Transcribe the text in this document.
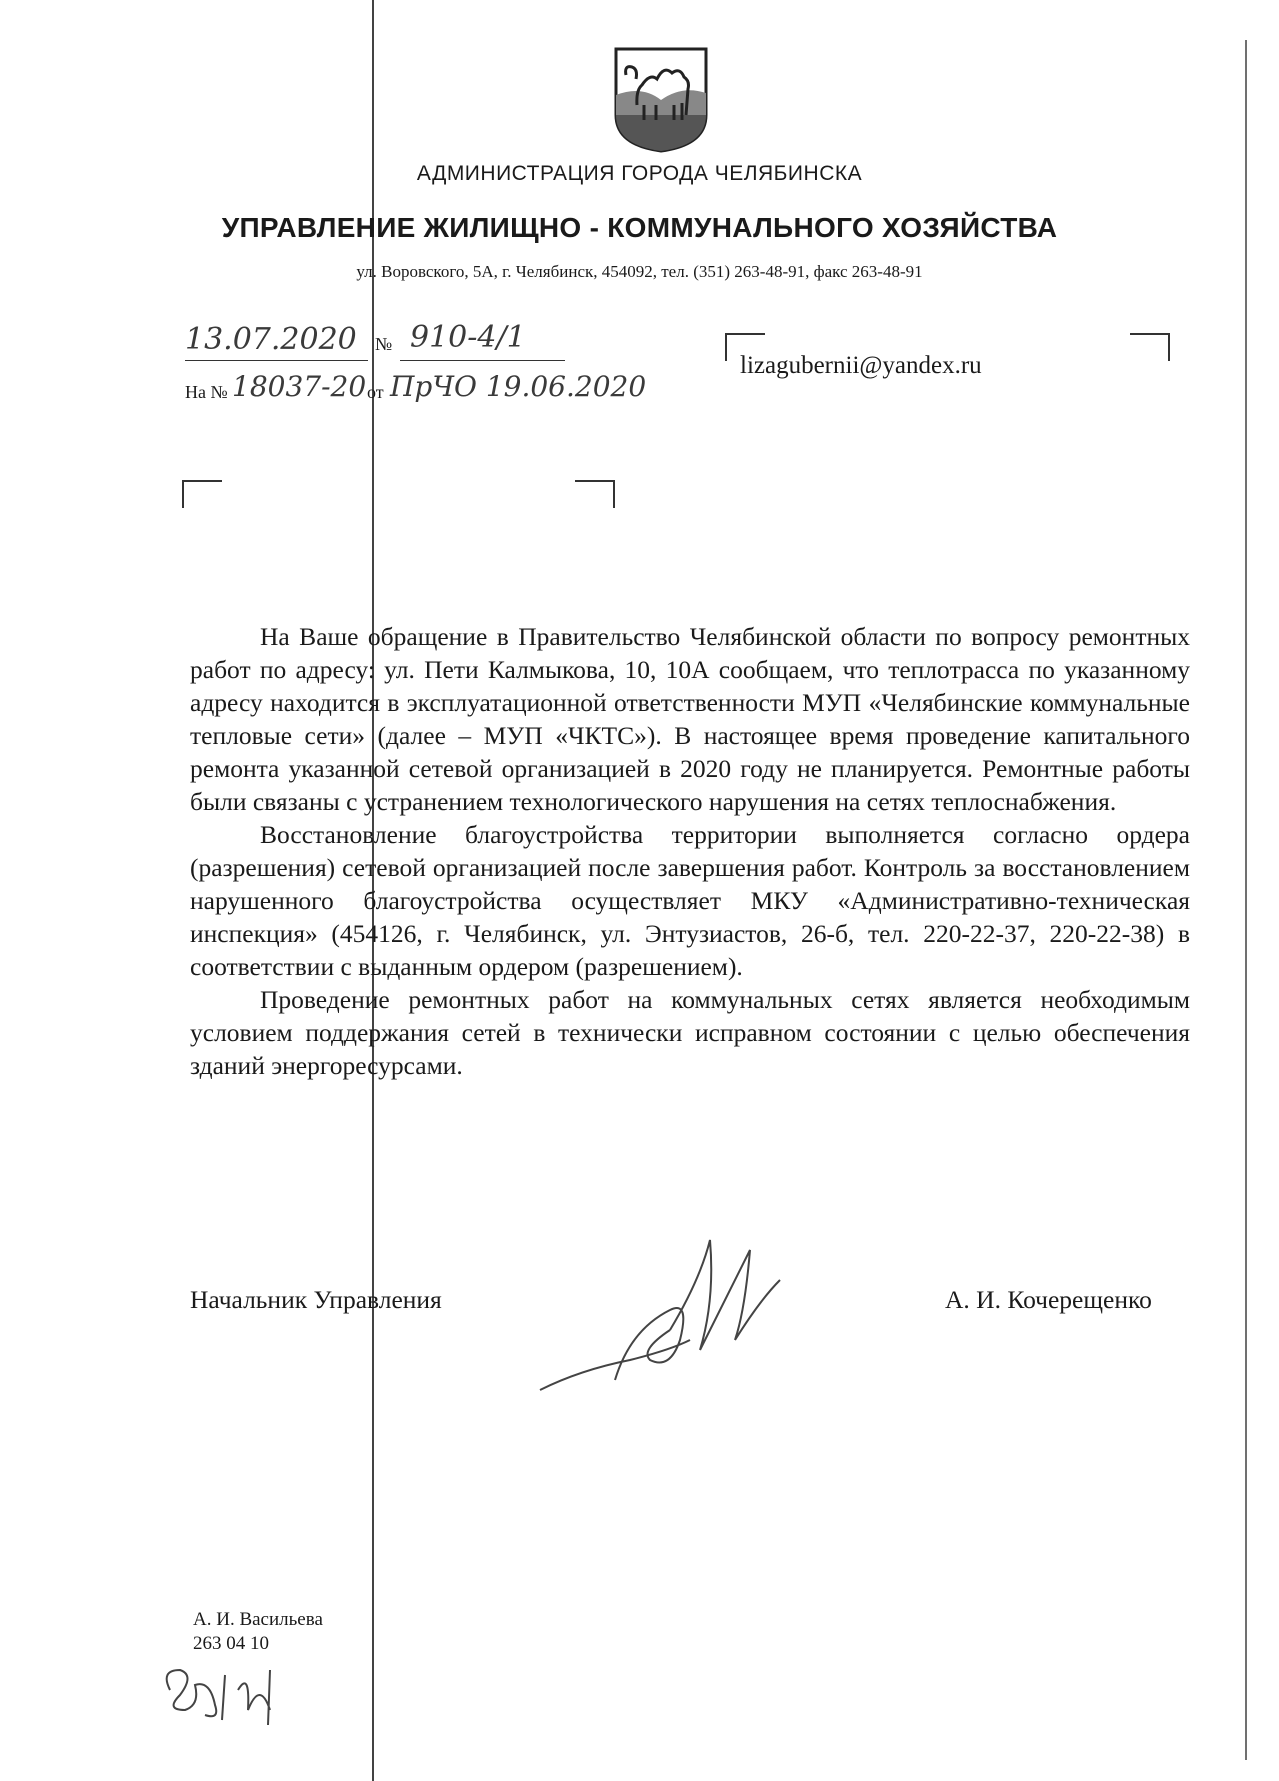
АДМИНИСТРАЦИЯ ГОРОДА ЧЕЛЯБИНСКА
УПРАВЛЕНИЕ ЖИЛИЩНО - КОММУНАЛЬНОГО ХОЗЯЙСТВА
ул. Воровского, 5А, г. Челябинск, 454092, тел. (351) 263-48-91, факс 263-48-91
13.07.2020 № 910-4/1
На № 18037-20 от ПрЧО 19.06.2020
lizagubernii@yandex.ru

На Ваше обращение в Правительство Челябинской области по вопросу ремонтных работ по адресу: ул. Пети Калмыкова, 10, 10А сообщаем, что теплотрасса по указанному адресу находится в эксплуатационной ответственности МУП «Челябинские коммунальные тепловые сети» (далее – МУП «ЧКТС»). В настоящее время проведение капитального ремонта указанной сетевой организацией в 2020 году не планируется. Ремонтные работы были связаны с устранением технологического нарушения на сетях теплоснабжения.

Восстановление благоустройства территории выполняется согласно ордера (разрешения) сетевой организацией после завершения работ. Контроль за восстановлением нарушенного благоустройства осуществляет МКУ «Административно-техническая инспекция» (454126, г. Челябинск, ул. Энтузиастов, 26-б, тел. 220-22-37, 220-22-38) в соответствии с выданным ордером (разрешением).

Проведение ремонтных работ на коммунальных сетях является необходимым условием поддержания сетей в технически исправном состоянии с целью обеспечения зданий энергоресурсами.

Начальник Управления	А. И. Кочерещенко
А. И. Васильева
263 04 10
